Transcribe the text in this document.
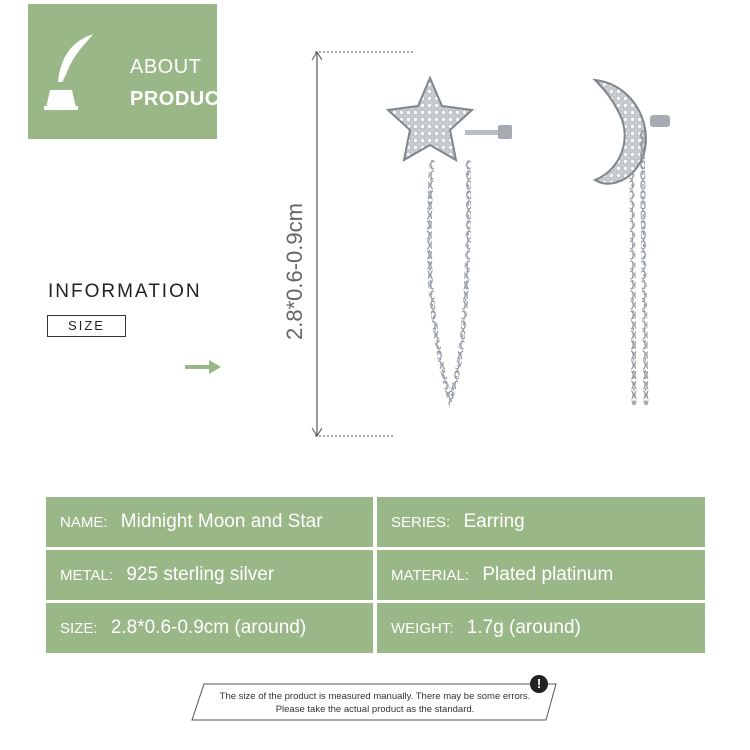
ABOUT
PRODUCT
INFORMATION
SIZE	2.8*0.6-0.9cm
NAME: Midnight Moon and Star	SERIES: Earring
METAL: 925 sterling silver	MATERIAL: Plated platinum
SIZE: 2.8*0.6-0.9cm (around)	WEIGHT: 1.7g (around)
The size of the product is measured manually. There may be some errors.
Please take the actual product as the standard.
!
